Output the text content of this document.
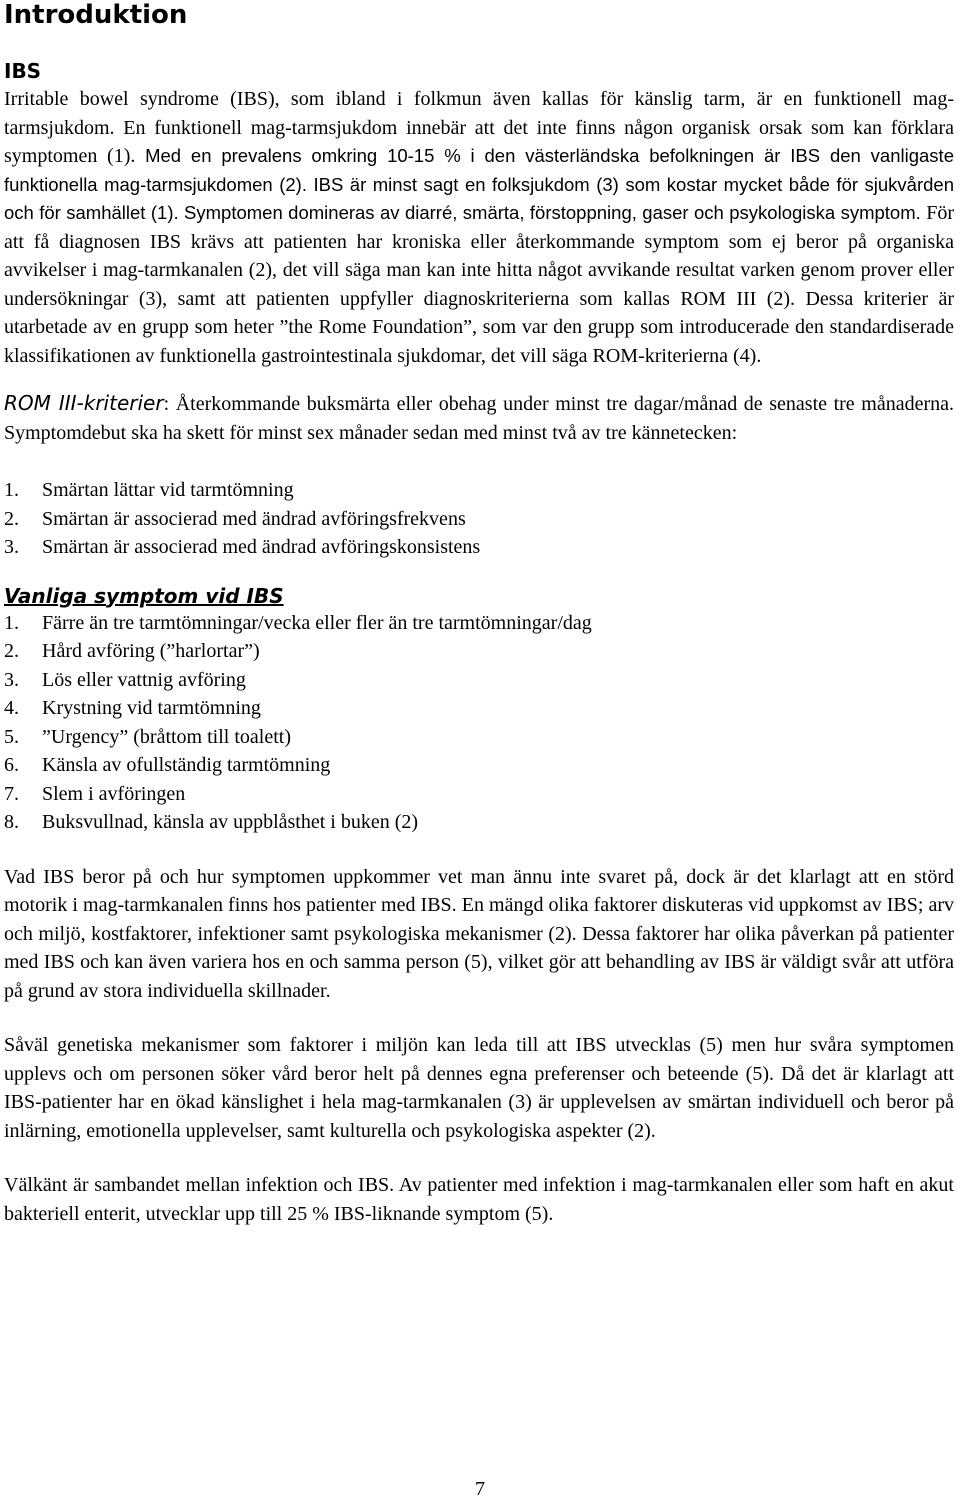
Introduktion
IBS

Irritable bowel syndrome (IBS), som ibland i folkmun även kallas för känslig tarm, är en funktionell mag-tarmsjukdom. En funktionell mag-tarmsjukdom innebär att det inte finns någon organisk orsak som kan förklara symptomen (1). Med en prevalens omkring 10-15 % i den västerländska befolkningen är IBS den vanligaste funktionella mag-tarmsjukdomen (2). IBS är minst sagt en folksjukdom (3) som kostar mycket både för sjukvården och för samhället (1). Symptomen domineras av diarré, smärta, förstoppning, gaser och psykologiska symptom. För att få diagnosen IBS krävs att patienten har kroniska eller återkommande symptom som ej beror på organiska avvikelser i mag-tarmkanalen (2), det vill säga man kan inte hitta något avvikande resultat varken genom prover eller undersökningar (3), samt att patienten uppfyller diagnoskriterierna som kallas ROM III (2). Dessa kriterier är utarbetade av en grupp som heter ”the Rome Foundation”, som var den grupp som introducerade den standardiserade klassifikationen av funktionella gastrointestinala sjukdomar, det vill säga ROM-kriterierna (4).

ROM III-kriterier: Återkommande buksmärta eller obehag under minst tre dagar/månad de senaste tre månaderna. Symptomdebut ska ha skett för minst sex månader sedan med minst två av tre kännetecken:

1.	Smärtan lättar vid tarmtömning
2.	Smärtan är associerad med ändrad avföringsfrekvens
3.	Smärtan är associerad med ändrad avföringskonsistens
Vanliga symptom vid IBS
1.	Färre än tre tarmtömningar/vecka eller fler än tre tarmtömningar/dag
2.	Hård avföring (”harlortar”)
3.	Lös eller vattnig avföring
4.	Krystning vid tarmtömning
5.	”Urgency” (bråttom till toalett)
6.	Känsla av ofullständig tarmtömning
7.	Slem i avföringen
8.	Buksvullnad, känsla av uppblåsthet i buken (2)

Vad IBS beror på och hur symptomen uppkommer vet man ännu inte svaret på, dock är det klarlagt att en störd motorik i mag-tarmkanalen finns hos patienter med IBS. En mängd olika faktorer diskuteras vid uppkomst av IBS; arv och miljö, kostfaktorer, infektioner samt psykologiska mekanismer (2). Dessa faktorer har olika påverkan på patienter med IBS och kan även variera hos en och samma person (5), vilket gör att behandling av IBS är väldigt svår att utföra på grund av stora individuella skillnader.

Såväl genetiska mekanismer som faktorer i miljön kan leda till att IBS utvecklas (5) men hur svåra symptomen upplevs och om personen söker vård beror helt på dennes egna preferenser och beteende (5). Då det är klarlagt att IBS-patienter har en ökad känslighet i hela mag-tarmkanalen (3) är upplevelsen av smärtan individuell och beror på inlärning, emotionella upplevelser, samt kulturella och psykologiska aspekter (2).

Välkänt är sambandet mellan infektion och IBS. Av patienter med infektion i mag-tarmkanalen eller som haft en akut bakteriell enterit, utvecklar upp till 25 % IBS-liknande symptom (5).

7
